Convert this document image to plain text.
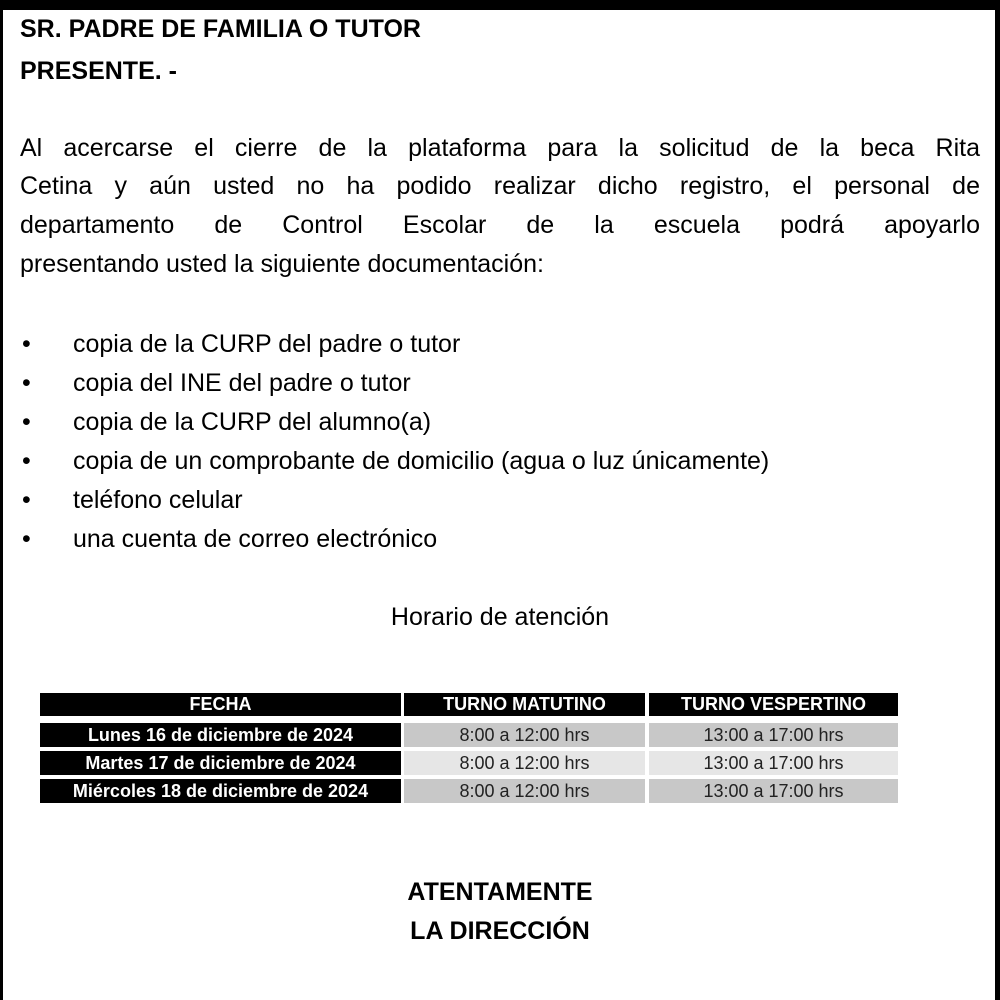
SR. PADRE DE FAMILIA O TUTOR
PRESENTE. -
Al acercarse el cierre de la plataforma para la solicitud de la beca Rita
Cetina y aún usted no ha podido realizar dicho registro, el personal de
departamento de Control Escolar de la escuela podrá apoyarlo
presentando usted la siguiente documentación:
• copia de la CURP del padre o tutor
• copia del INE del padre o tutor
• copia de la CURP del alumno(a)
• copia de un comprobante de domicilio (agua o luz únicamente)
• teléfono celular
• una cuenta de correo electrónico
Horario de atención
FECHA	TURNO MATUTINO	TURNO VESPERTINO
Lunes 16 de diciembre de 2024	8:00 a 12:00 hrs	13:00 a 17:00 hrs
Martes 17 de diciembre de 2024	8:00 a 12:00 hrs	13:00 a 17:00 hrs
Miércoles 18 de diciembre de 2024	8:00 a 12:00 hrs	13:00 a 17:00 hrs
ATENTAMENTE
LA DIRECCIÓN
